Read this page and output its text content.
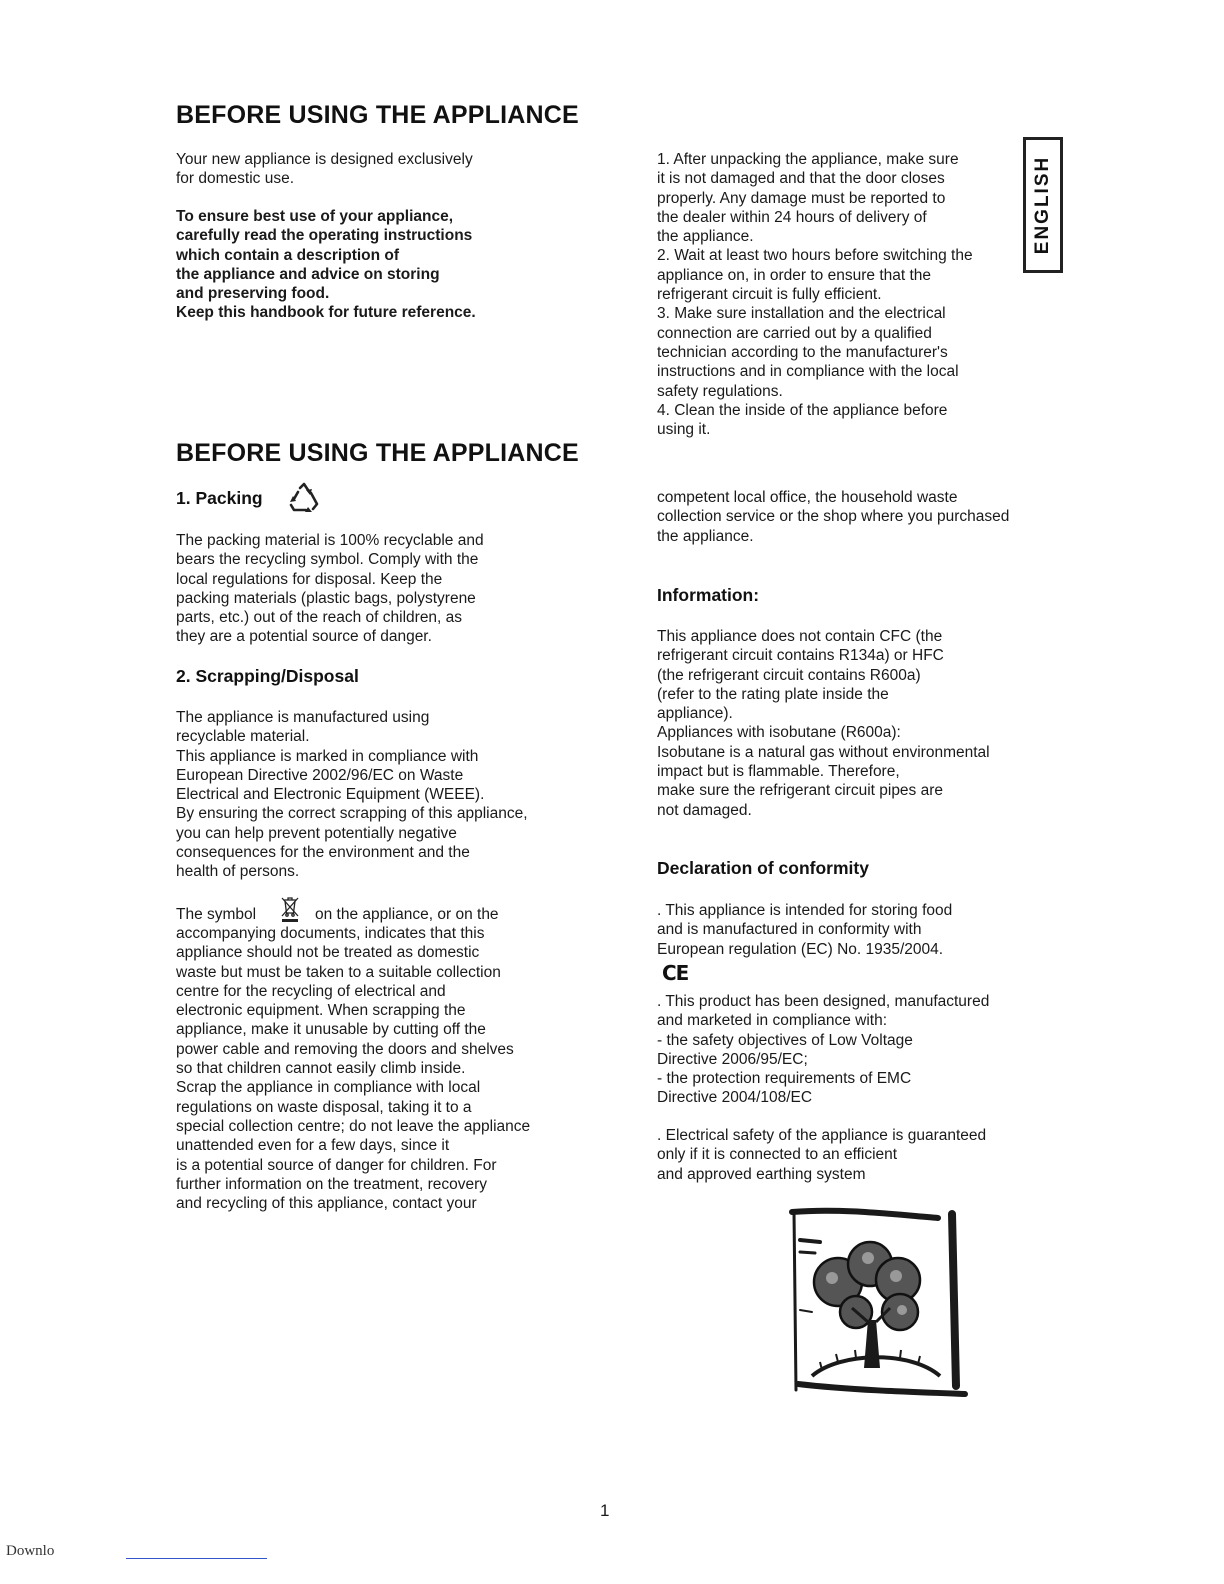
ENGLISH
BEFORE USING THE APPLIANCE
Your new appliance is designed exclusively
for domestic use.
To ensure best use of your appliance,
carefully read the operating instructions
which contain a description of
the appliance and advice on storing
and preserving food.
Keep this handbook for future reference.
1. After unpacking the appliance, make sure
it is not damaged and that the door closes
properly. Any damage must be reported to
the dealer within 24 hours of delivery of
the appliance.
2. Wait at least two hours before switching the
appliance on, in order to ensure that the
refrigerant circuit is fully efficient.
3. Make sure installation and the electrical
connection are carried out by a qualified
technician according to the manufacturer's
instructions and in compliance with the local
safety regulations.
4. Clean the inside of the appliance before
using it.
BEFORE USING THE APPLIANCE
1. Packing
The packing material is 100% recyclable and
bears the recycling symbol. Comply with the
local regulations for disposal. Keep the
packing materials (plastic bags, polystyrene
parts, etc.) out of the reach of children, as
they are a potential source of danger.
2. Scrapping/Disposal
The appliance is manufactured using
recyclable material.
This appliance is marked in compliance with
European Directive 2002/96/EC on Waste
Electrical and Electronic Equipment (WEEE).
By ensuring the correct scrapping of this appliance,
you can help prevent potentially negative
consequences for the environment and the
health of persons.
The symbol	on the appliance, or on the
accompanying documents, indicates that this
appliance should not be treated as domestic
waste but must be taken to a suitable collection
centre for the recycling of electrical and
electronic equipment. When scrapping the
appliance, make it unusable by cutting off the
power cable and removing the doors and shelves
so that children cannot easily climb inside.
Scrap the appliance in compliance with local
regulations on waste disposal, taking it to a
special collection centre; do not leave the appliance
unattended even for a few days, since it
is a potential source of danger for children. For
further information on the treatment, recovery
and recycling of this appliance, contact your
competent local office, the household waste
collection service or the shop where you purchased
the appliance.
Information:
This appliance does not contain CFC (the
refrigerant circuit contains R134a) or HFC
(the refrigerant circuit contains R600a)
(refer to the rating plate inside the
appliance).
Appliances with isobutane (R600a):
Isobutane is a natural gas without environmental
impact but is flammable. Therefore,
make sure the refrigerant circuit pipes are
not damaged.
Declaration of conformity
. This appliance is intended for storing food
and is manufactured in conformity with
European regulation (EC) No. 1935/2004.
CE
. This product has been designed, manufactured
and marketed in compliance with:
- the safety objectives of Low Voltage
Directive 2006/95/EC;
- the protection requirements of EMC
Directive 2004/108/EC
. Electrical safety of the appliance is guaranteed
only if it is connected to an efficient
and approved earthing system
1
Downlo
